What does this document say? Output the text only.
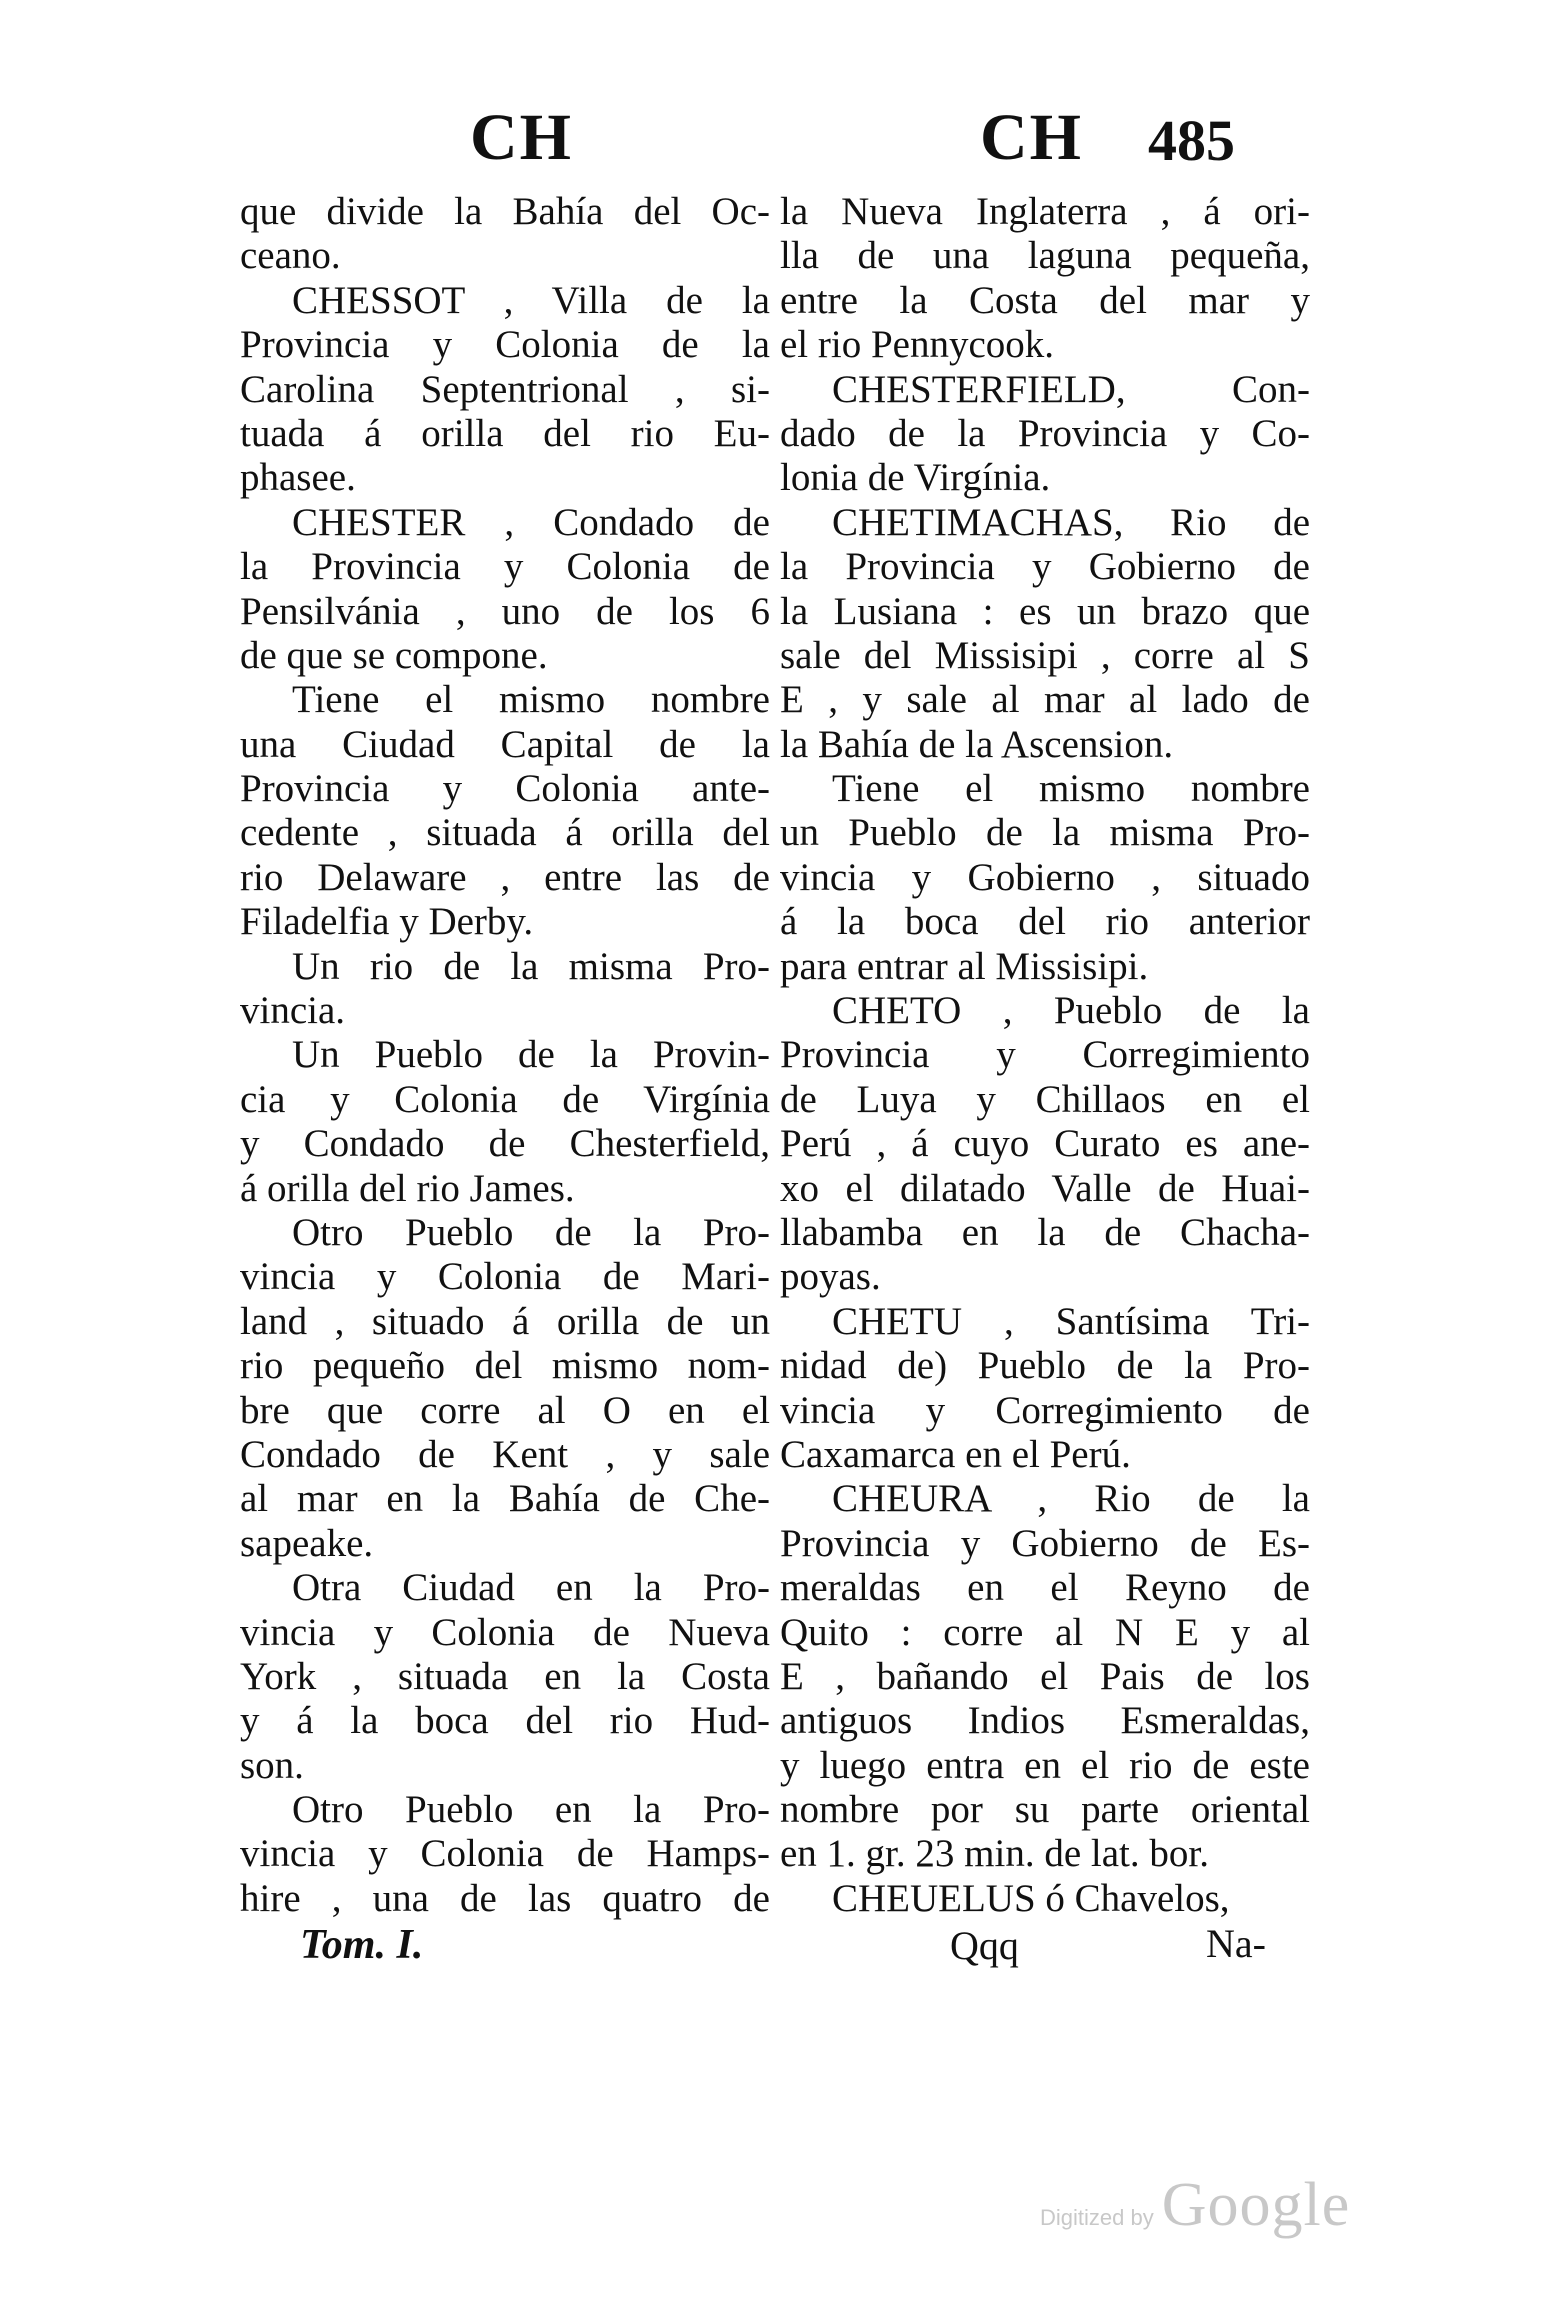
CH	CH 485
que divide la Bahía del Oc-
ceano.
CHESSOT , Villa de la
Provincia y Colonia de la
Carolina Septentrional , si-
tuada á orilla del rio Eu-
phasee.
CHESTER , Condado de
la Provincia y Colonia de
Pensilvánia , uno de los 6
de que se compone.
Tiene el mismo nombre
una Ciudad Capital de la
Provincia y Colonia ante-
cedente , situada á orilla del
rio Delaware , entre las de
Filadelfia y Derby.
Un rio de la misma Pro-
vincia.
Un Pueblo de la Provin-
cia y Colonia de Virgínia
y Condado de Chesterfield,
á orilla del rio James.
Otro Pueblo de la Pro-
vincia y Colonia de Mari-
land , situado á orilla de un
rio pequeño del mismo nom-
bre que corre al O en el
Condado de Kent , y sale
al mar en la Bahía de Che-
sapeake.
Otra Ciudad en la Pro-
vincia y Colonia de Nueva
York , situada en la Costa
y á la boca del rio Hud-
son.
Otro Pueblo en la Pro-
vincia y Colonia de Hamps-
hire , una de las quatro de
la Nueva Inglaterra , á ori-
lla de una laguna pequeña,
entre la Costa del mar y
el rio Pennycook.
CHESTERFIELD, Con-
dado de la Provincia y Co-
lonia de Virgínia.
CHETIMACHAS, Rio de
la Provincia y Gobierno de
la Lusiana : es un brazo que
sale del Missisipi , corre al S
E , y sale al mar al lado de
la Bahía de la Ascension.
Tiene el mismo nombre
un Pueblo de la misma Pro-
vincia y Gobierno , situado
á la boca del rio anterior
para entrar al Missisipi.
CHETO , Pueblo de la
Provincia y Corregimiento
de Luya y Chillaos en el
Perú , á cuyo Curato es ane-
xo el dilatado Valle de Huai-
llabamba en la de Chacha-
poyas.
CHETU , Santísima Tri-
nidad de) Pueblo de la Pro-
vincia y Corregimiento de
Caxamarca en el Perú.
CHEURA , Rio de la
Provincia y Gobierno de Es-
meraldas en el Reyno de
Quito : corre al N E y al
E , bañando el Pais de los
antiguos Indios Esmeraldas,
y luego entra en el rio de este
nombre por su parte oriental
en 1. gr. 23 min. de lat. bor.
CHEUELUS ó Chavelos,
Tom. I.	Qqq	Na-
Digitized by Google
